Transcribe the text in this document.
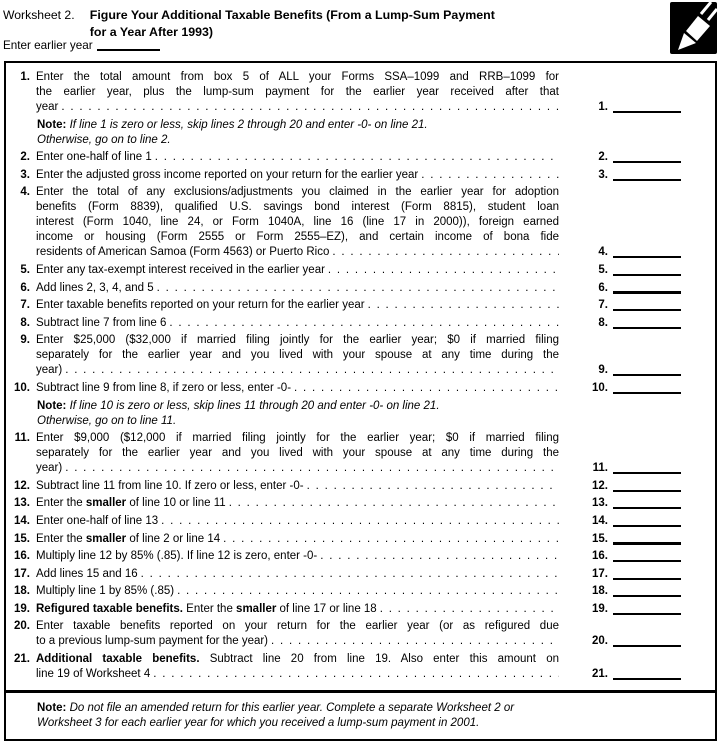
Worksheet 2. Figure Your Additional Taxable Benefits (From a Lump-Sum Payment
for a Year After 1993)
Enter earlier year
1. Enter the total amount from box 5 of ALL your Forms SSA–1099 and RRB–1099 for
the earlier year, plus the lump-sum payment for the earlier year received after that
year . . .	1.
Note: If line 1 is zero or less, skip lines 2 through 20 and enter -0- on line 21.
Otherwise, go on to line 2.
2. Enter one-half of line 1 . . .	2.
3. Enter the adjusted gross income reported on your return for the earlier year . . .	3.
4. Enter the total of any exclusions/adjustments you claimed in the earlier year for adoption
benefits (Form 8839), qualified U.S. savings bond interest (Form 8815), student loan
interest (Form 1040, line 24, or Form 1040A, line 16 (line 17 in 2000)), foreign earned
income or housing (Form 2555 or Form 2555–EZ), and certain income of bona fide
residents of American Samoa (Form 4563) or Puerto Rico . . .	4.
5. Enter any tax-exempt interest received in the earlier year . . .	5.
6. Add lines 2, 3, 4, and 5 . . .	6.
7. Enter taxable benefits reported on your return for the earlier year . . .	7.
8. Subtract line 7 from line 6 . . .	8.
9. Enter $25,000 ($32,000 if married filing jointly for the earlier year; $0 if married filing
separately for the earlier year and you lived with your spouse at any time during the
year) . . .	9.
10. Subtract line 9 from line 8, if zero or less, enter -0- . . .	10.
Note: If line 10 is zero or less, skip lines 11 through 20 and enter -0- on line 21.
Otherwise, go on to line 11.
11. Enter $9,000 ($12,000 if married filing jointly for the earlier year; $0 if married filing
separately for the earlier year and you lived with your spouse at any time during the
year) . . .	11.
12. Subtract line 11 from line 10. If zero or less, enter -0- . . .	12.
13. Enter the smaller of line 10 or line 11 . . .	13.
14. Enter one-half of line 13 . . .	14.
15. Enter the smaller of line 2 or line 14 . . .	15.
16. Multiply line 12 by 85% (.85). If line 12 is zero, enter -0- . . .	16.
17. Add lines 15 and 16 . . .	17.
18. Multiply line 1 by 85% (.85) . . .	18.
19. Refigured taxable benefits. Enter the smaller of line 17 or line 18 . . .	19.
20. Enter taxable benefits reported on your return for the earlier year (or as refigured due
to a previous lump-sum payment for the year) . . .	20.
21. Additional taxable benefits. Subtract line 20 from line 19. Also enter this amount on
line 19 of Worksheet 4 . . .	21.
Note: Do not file an amended return for this earlier year. Complete a separate Worksheet 2 or
Worksheet 3 for each earlier year for which you received a lump-sum payment in 2001.
